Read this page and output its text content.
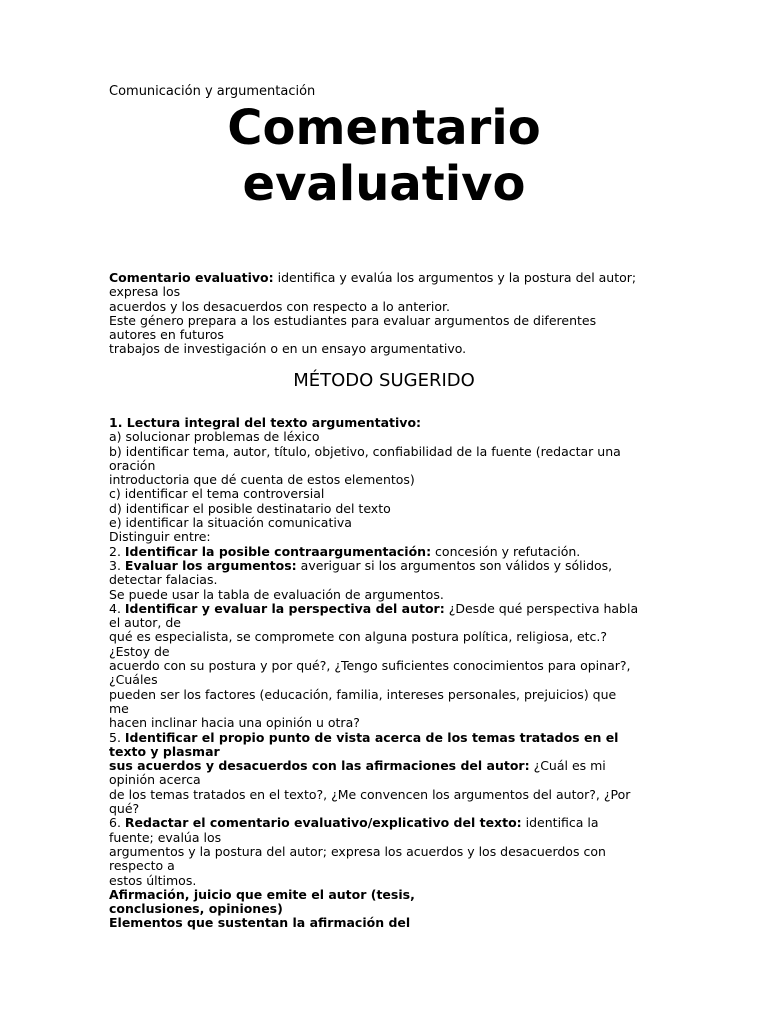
Comunicación y argumentación
Comentario
evaluativo

Comentario evaluativo: identifica y evalúa los argumentos y la postura del autor;

expresa los

acuerdos y los desacuerdos con respecto a lo anterior.

Este género prepara a los estudiantes para evaluar argumentos de diferentes

autores en futuros

trabajos de investigación o en un ensayo argumentativo.

MÉTODO SUGERIDO

1. Lectura integral del texto argumentativo:

a) solucionar problemas de léxico

b) identificar tema, autor, título, objetivo, confiabilidad de la fuente (redactar una

oración

introductoria que dé cuenta de estos elementos)

c) identificar el tema controversial

d) identificar el posible destinatario del texto

e) identificar la situación comunicativa

Distinguir entre:

2. Identificar la posible contraargumentación: concesión y refutación.

3. Evaluar los argumentos: averiguar si los argumentos son válidos y sólidos,

detectar falacias.

Se puede usar la tabla de evaluación de argumentos.

4. Identificar y evaluar la perspectiva del autor: ¿Desde qué perspectiva habla

el autor, de

qué es especialista, se compromete con alguna postura política, religiosa, etc.?

¿Estoy de

acuerdo con su postura y por qué?, ¿Tengo suficientes conocimientos para opinar?,

¿Cuáles

pueden ser los factores (educación, familia, intereses personales, prejuicios) que

me

hacen inclinar hacia una opinión u otra?

5. Identificar el propio punto de vista acerca de los temas tratados en el

texto y plasmar

sus acuerdos y desacuerdos con las afirmaciones del autor: ¿Cuál es mi

opinión acerca

de los temas tratados en el texto?, ¿Me convencen los argumentos del autor?, ¿Por

qué?

6. Redactar el comentario evaluativo/explicativo del texto: identifica la

fuente; evalúa los

argumentos y la postura del autor; expresa los acuerdos y los desacuerdos con

respecto a

estos últimos.

Afirmación, juicio que emite el autor (tesis,

conclusiones, opiniones)

Elementos que sustentan la afirmación del
